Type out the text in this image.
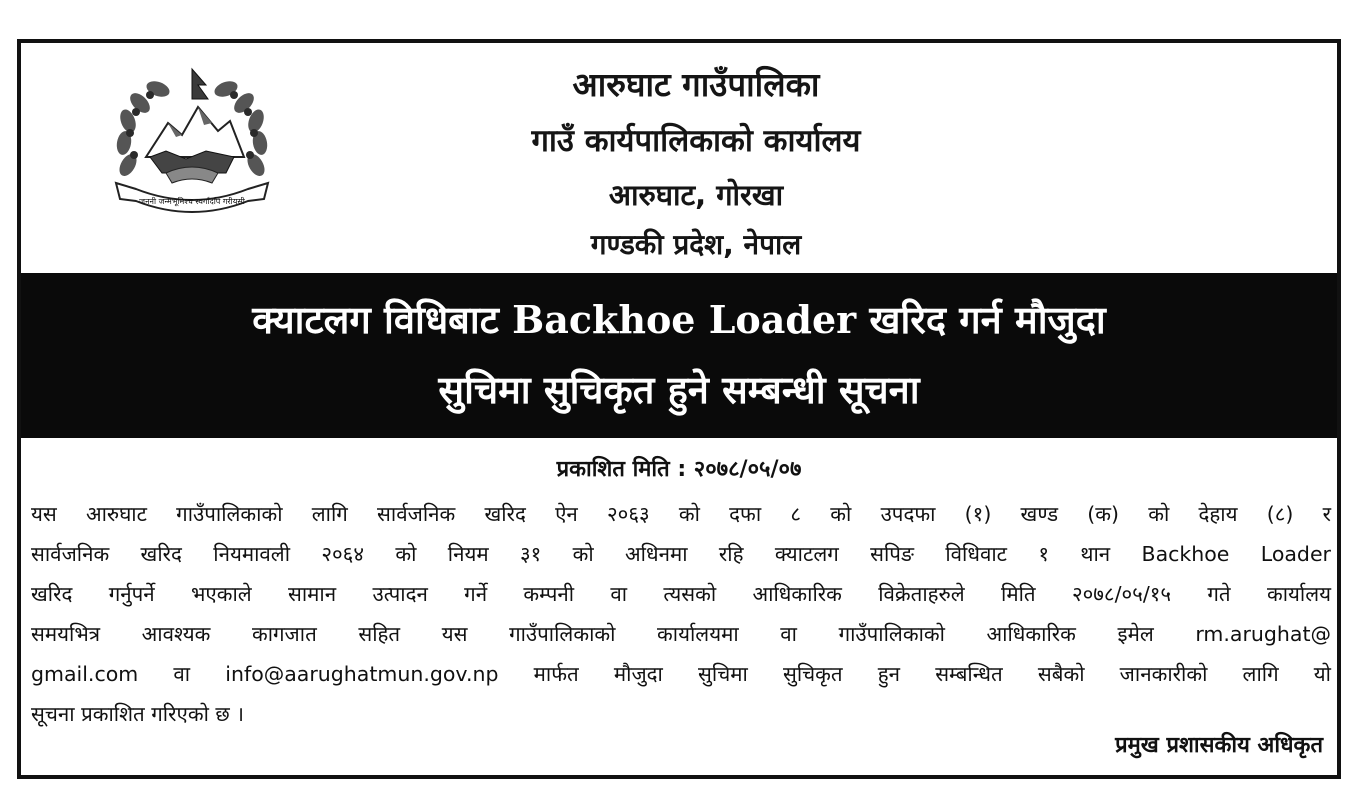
जननी जन्मभूमिश्च स्वर्गादपि गरीयसी
आरुघाट गाउँपालिका
गाउँ कार्यपालिकाको कार्यालय
आरुघाट, गोरखा
गण्डकी प्रदेश, नेपाल
क्याटलग विधिबाट Backhoe Loader खरिद गर्न मौजुदा
सुचिमा सुचिकृत हुने सम्बन्धी सूचना
प्रकाशित मिति : २०७८/०५/०७
यस आरुघाट गाउँपालिकाको लागि सार्वजनिक खरिद ऐन २०६३ को दफा ८ को उपदफा (१) खण्ड (क) को देहाय (८) र
सार्वजनिक खरिद नियमावली २०६४ को नियम ३१ को अधिनमा रहि क्याटलग सपिङ विधिवाट १ थान Backhoe Loader
खरिद गर्नुपर्ने भएकाले सामान उत्पादन गर्ने कम्पनी वा त्यसको आधिकारिक विक्रेताहरुले मिति २०७८/०५/१५ गते कार्यालय
समयभित्र आवश्यक कागजात सहित यस गाउँपालिकाको कार्यालयमा वा गाउँपालिकाको आधिकारिक इमेल rm.arughat@
gmail.com वा info@aarughatmun.gov.np मार्फत मौजुदा सुचिमा सुचिकृत हुन सम्बन्धित सबैको जानकारीको लागि यो
सूचना प्रकाशित गरिएको छ ।
प्रमुख प्रशासकीय अधिकृत
